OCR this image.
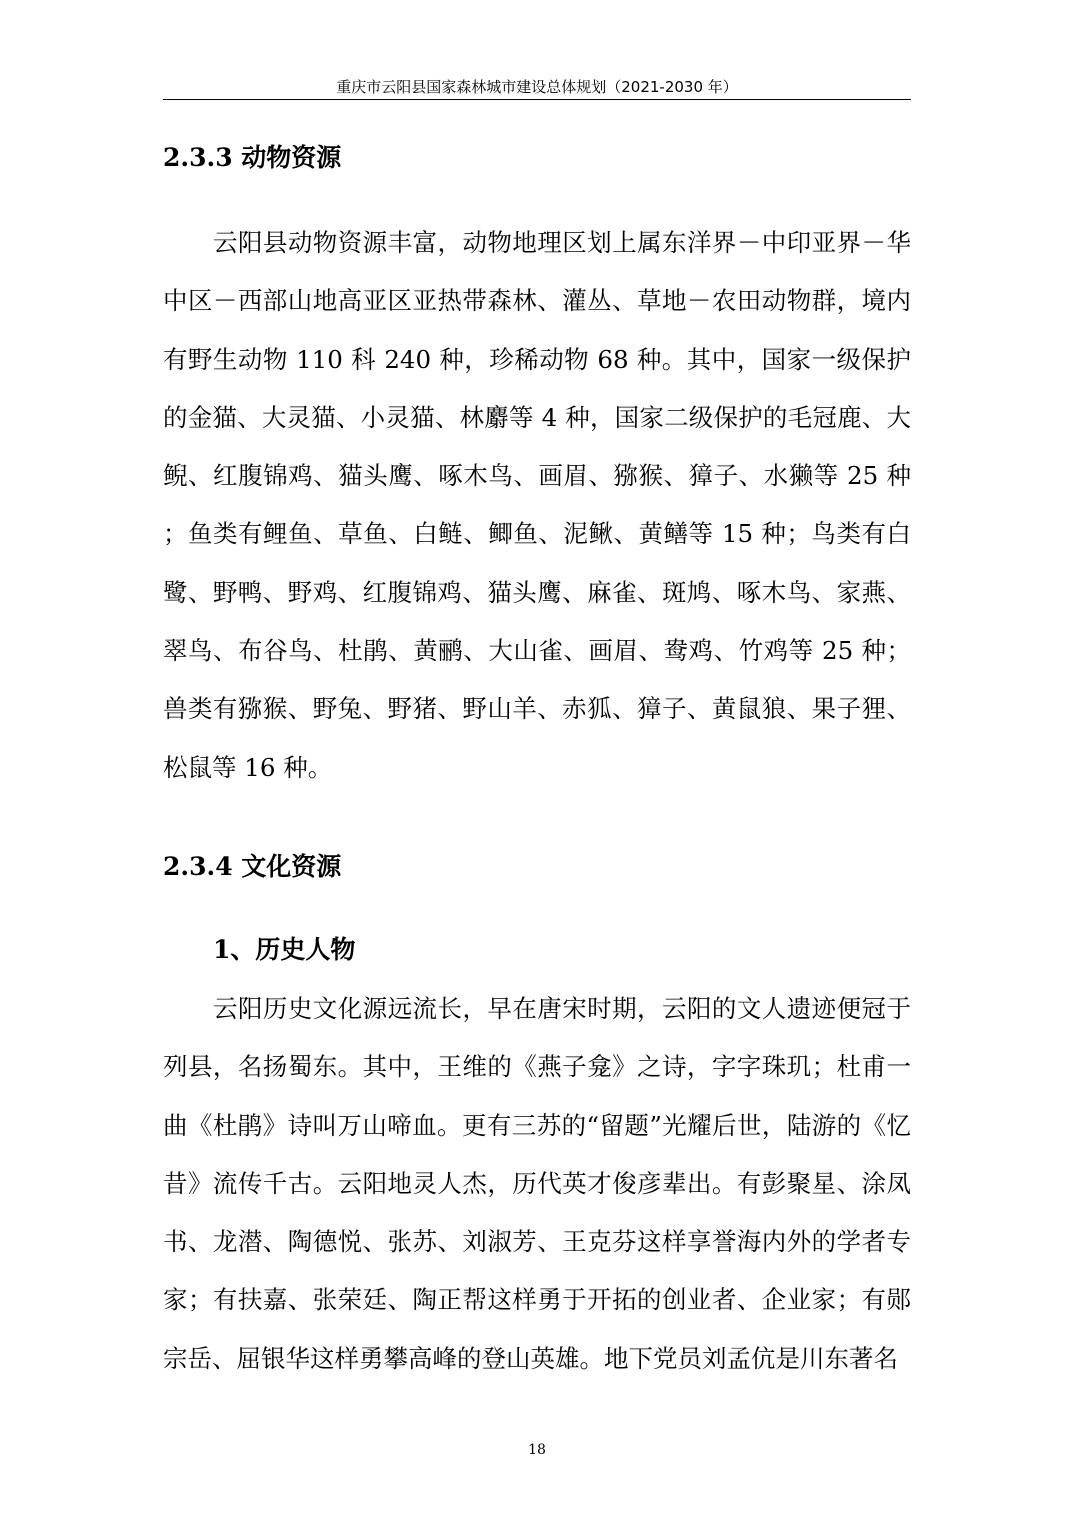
重庆市云阳县国家森林城市建设总体规划（2021-2030 年）
2.3.3 动物资源

云阳县动物资源丰富，动物地理区划上属东洋界－中印亚界－华中区－西部山地高亚区亚热带森林、灌丛、草地－农田动物群，境内有野生动物 110 科 240 种，珍稀动物 68 种。其中，国家一级保护的金猫、大灵猫、小灵猫、林麝等 4 种，国家二级保护的毛冠鹿、大鲵、红腹锦鸡、猫头鹰、啄木鸟、画眉、猕猴、獐子、水獭等 25 种；鱼类有鲤鱼、草鱼、白鲢、鲫鱼、泥鳅、黄鳝等 15 种；鸟类有白鹭、野鸭、野鸡、红腹锦鸡、猫头鹰、麻雀、斑鸠、啄木鸟、家燕、翠鸟、布谷鸟、杜鹃、黄鹂、大山雀、画眉、鸯鸡、竹鸡等 25 种；兽类有猕猴、野兔、野猪、野山羊、赤狐、獐子、黄鼠狼、果子狸、松鼠等 16 种。

2.3.4 文化资源
1、历史人物

云阳历史文化源远流长，早在唐宋时期，云阳的文人遗迹便冠于列县，名扬蜀东。其中，王维的《燕子龛》之诗，字字珠玑；杜甫一曲《杜鹃》诗叫万山啼血。更有三苏的“留题”光耀后世，陆游的《忆昔》流传千古。云阳地灵人杰，历代英才俊彦辈出。有彭聚星、涂凤书、龙潜、陶德悦、张苏、刘淑芳、王克芬这样享誉海内外的学者专家；有扶嘉、张荣廷、陶正帮这样勇于开拓的创业者、企业家；有郧宗岳、屈银华这样勇攀高峰的登山英雄。地下党员刘孟伉是川东著名

18
